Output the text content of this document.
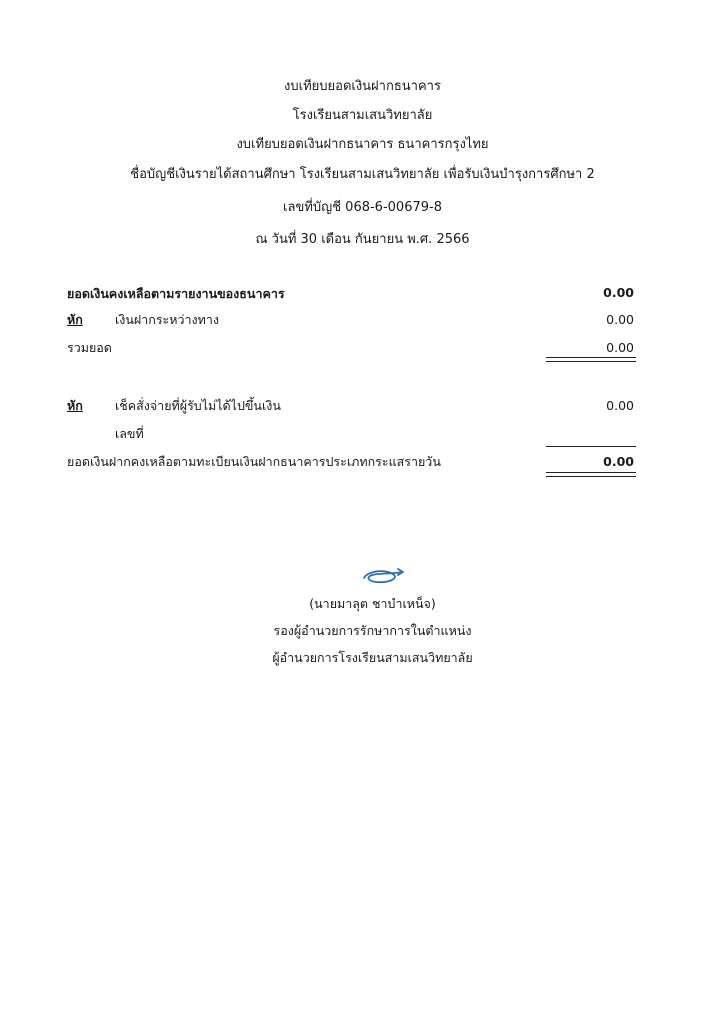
งบเทียบยอดเงินฝากธนาคาร
โรงเรียนสามเสนวิทยาลัย
งบเทียบยอดเงินฝากธนาคาร ธนาคารกรุงไทย
ชื่อบัญชีเงินรายได้สถานศึกษา โรงเรียนสามเสนวิทยาลัย เพื่อรับเงินบำรุงการศึกษา 2
เลขที่บัญชี 068-6-00679-8
ณ วันที่ 30 เดือน กันยายน พ.ศ. 2566
ยอดเงินคงเหลือตามรายงานของธนาคาร	0.00
หัก	เงินฝากระหว่างทาง	0.00
รวมยอด	0.00
หัก	เช็คสั่งจ่ายที่ผู้รับไม่ได้ไปขึ้นเงิน	0.00
เลขที่
ยอดเงินฝากคงเหลือตามทะเบียนเงินฝากธนาคารประเภทกระแสรายวัน	0.00
(นายมาลุต ชาบำเหน็จ)
รองผู้อำนวยการรักษาการในตำแหน่ง
ผู้อำนวยการโรงเรียนสามเสนวิทยาลัย
